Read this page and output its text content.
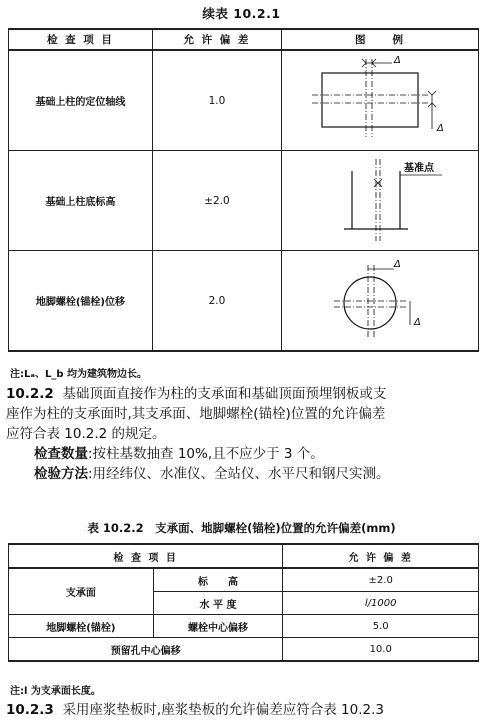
续表 10.2.1
检 查 项 目	允 许 偏 差	图　　例
基础上柱的定位轴线	1.0	Δ
Δ

基础上柱底标高	±2.0	基准点

地脚螺栓(锚栓)位移	2.0	Δ
Δ
注:Lₐ、L_b 均为建筑物边长。
10.2.2 基础顶面直接作为柱的支承面和基础顶面预埋钢板或支
座作为柱的支承面时,其支承面、地脚螺栓(锚栓)位置的允许偏差
应符合表 10.2.2 的规定。
检查数量:按柱基数抽查 10%,且不应少于 3 个。
检验方法:用经纬仪、水准仪、全站仪、水平尺和钢尺实测。
表 10.2.2　支承面、地脚螺栓(锚栓)位置的允许偏差(mm)
检 查 项 目		允 许 偏 差
支承面	标　　高	±2.0
	水 平 度	l/1000
地脚螺栓(锚栓)	螺栓中心偏移	5.0
预留孔中心偏移		10.0
注:l 为支承面长度。
10.2.3 采用座浆垫板时,座浆垫板的允许偏差应符合表 10.2.3
